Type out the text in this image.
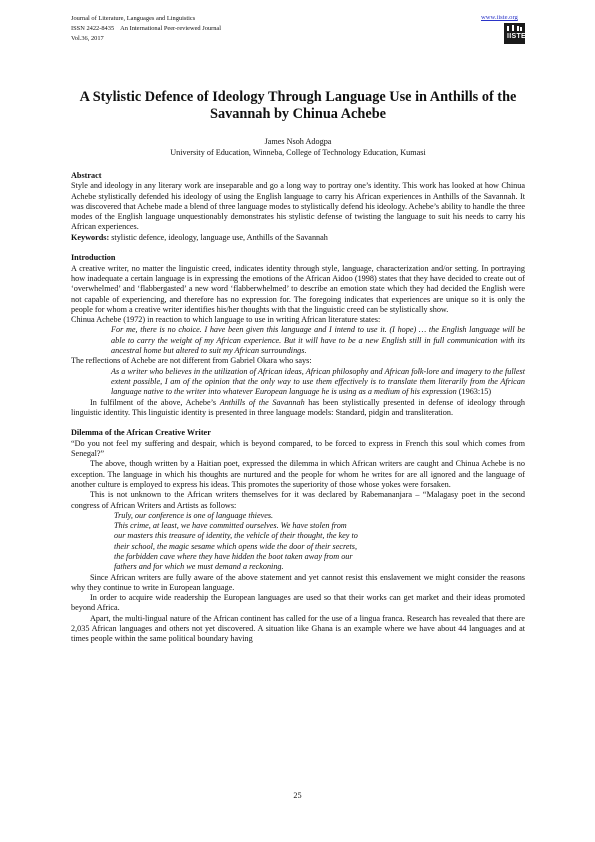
Journal of Literature, Languages and Linguistics
ISSN 2422-8435    An International Peer-reviewed Journal
Vol.36, 2017
www.iiste.org
IISTE
A Stylistic Defence of Ideology Through Language Use in Anthills of the Savannah by Chinua Achebe
James Nsoh Adogpa
University of Education, Winneba, College of Technology Education, Kumasi

Abstract

Style and ideology in any literary work are inseparable and go a long way to portray one’s identity. This work has looked at how Chinua Achebe stylistically defended his ideology of using the English language to carry his African experiences in Anthills of the Savannah. It was discovered that Achebe made a blend of three language modes to stylistically defend his ideology. Achebe’s ability to handle the three modes of the English language unquestionably demonstrates his stylistic defense of twisting the language to suit his needs to carry his African experiences.

Keywords: stylistic defence, ideology, language use, Anthills of the Savannah

Introduction

A creative writer, no matter the linguistic creed, indicates identity through style, language, characterization and/or setting. In portraying how inadequate a certain language is in expressing the emotions of the African Aidoo (1998) states that they have decided to create out of ‘overwhelmed’ and ‘flabbergasted’ a new word ‘flabberwhelmed’ to describe an emotion state which they had decided the English were not capable of experiencing, and therefore has no expression for. The foregoing indicates that experiences are unique so it is only the people for whom a creative writer identifies his/her thoughts with that the linguistic creed can be stylistically show.

Chinua Achebe (1972) in reaction to which language to use in writing African literature states:

For me, there is no choice. I have been given this language and I intend to use it. (I hope) … the English language will be able to carry the weight of my African experience. But it will have to be a new English still in full communication with its ancestral home but altered to suit my African surroundings.

The reflections of Achebe are not different from Gabriel Okara who says:

As a writer who believes in the utilization of African ideas, African philosophy and African folk-lore and imagery to the fullest extent possible, I am of the opinion that the only way to use them effectively is to translate them literarily from the African language native to the writer into whatever European language he is using as a medium of his expression (1963:15)

In fulfilment of the above, Achebe’s Anthills of the Savannah has been stylistically presented in defense of ideology through linguistic identity. This linguistic identity is presented in three language models: Standard, pidgin and transliteration.

Dilemma of the African Creative Writer

“Do you not feel my suffering and despair, which is beyond compared, to be forced to express in French this soul which comes from Senegal?”

The above, though written by a Haitian poet, expressed the dilemma in which African writers are caught and Chinua Achebe is no exception. The language in which his thoughts are nurtured and the people for whom he writes for are all ignored and the language of another culture is employed to express his ideas. This promotes the superiority of those whose yokes were forsaken.

This is not unknown to the African writers themselves for it was declared by Rabemananjara – “Malagasy poet in the second congress of African Writers and Artists as follows:

Truly, our conference is one of language thieves.

This crime, at least, we have committed ourselves. We have stolen from

our masters this treasure of identity, the vehicle of their thought, the key to

their school, the magic sesame which opens wide the door of their secrets,

the forbidden cave where they have hidden the boot taken away from our

fathers and for which we must demand a reckoning.

Since African writers are fully aware of the above statement and yet cannot resist this enslavement we might consider the reasons why they continue to write in European language.

In order to acquire wide readership the European languages are used so that their works can get market and their ideas promoted beyond Africa.

Apart, the multi-lingual nature of the African continent has called for the use of a lingua franca. Research has revealed that there are 2,035 African languages and others not yet discovered. A situation like Ghana is an example where we have about 44 languages and at times people within the same political boundary having

25
